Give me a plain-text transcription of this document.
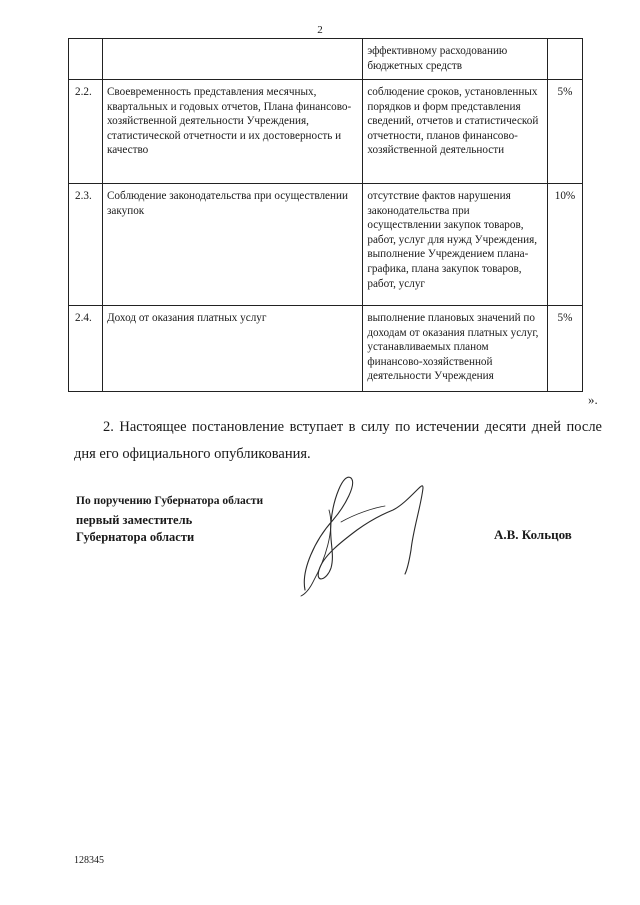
2
		эффективному расходованию бюджетных средств	
2.2.	Своевременность представления месячных, квартальных и годовых отчетов, Плана финансово-хозяйственной деятельности Учреждения, статистической отчетности и их достоверность и качество	соблюдение сроков, установленных порядков и форм представления сведений, отчетов и статистической отчетности, планов финансово-хозяйственной деятельности	5%
2.3.	Соблюдение законодательства при осуществлении закупок	отсутствие фактов нарушения законодательства при осуществлении закупок товаров, работ, услуг для нужд Учреждения, выполнение Учреждением плана-графика, плана закупок товаров, работ, услуг	10%
2.4.	Доход от оказания платных услуг	выполнение плановых значений по доходам от оказания платных услуг, устанавливаемых планом финансово-хозяйственной деятельности Учреждения	5%
».

2. Настоящее постановление вступает в силу по истечении десяти дней после дня его официального опубликования.

По поручению Губернатора области
первый заместитель
Губернатора области	А.В. Кольцов
128345
